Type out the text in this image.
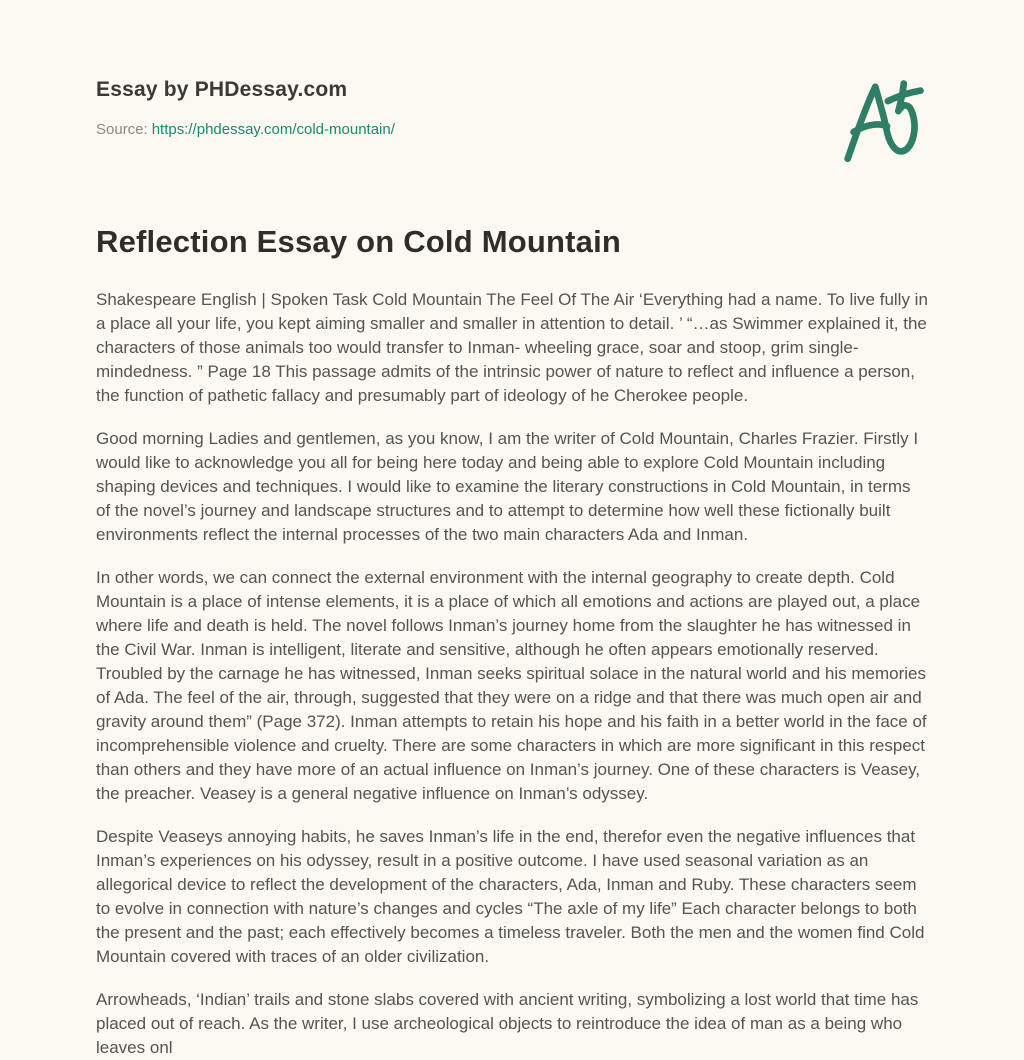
Essay by PHDessay.com

Source: https://phdessay.com/cold-mountain/

Reflection Essay on Cold Mountain

Shakespeare English | Spoken Task Cold Mountain The Feel Of The Air ‘Everything had a name. To live fully in a place all your life, you kept aiming smaller and smaller in attention to detail. ’ “…as Swimmer explained it, the characters of those animals too would transfer to Inman- wheeling grace, soar and stoop, grim single-mindedness. ” Page 18 This passage admits of the intrinsic power of nature to reflect and influence a person, the function of pathetic fallacy and presumably part of ideology of he Cherokee people.

Good morning Ladies and gentlemen, as you know, I am the writer of Cold Mountain, Charles Frazier. Firstly I would like to acknowledge you all for being here today and being able to explore Cold Mountain including shaping devices and techniques. I would like to examine the literary constructions in Cold Mountain, in terms of the novel’s journey and landscape structures and to attempt to determine how well these fictionally built environments reflect the internal processes of the two main characters Ada and Inman.

In other words, we can connect the external environment with the internal geography to create depth. Cold Mountain is a place of intense elements, it is a place of which all emotions and actions are played out, a place where life and death is held. The novel follows Inman’s journey home from the slaughter he has witnessed in the Civil War. Inman is intelligent, literate and sensitive, although he often appears emotionally reserved. Troubled by the carnage he has witnessed, Inman seeks spiritual solace in the natural world and his memories of Ada. The feel of the air, through, suggested that they were on a ridge and that there was much open air and gravity around them” (Page 372). Inman attempts to retain his hope and his faith in a better world in the face of incomprehensible violence and cruelty. There are some characters in which are more significant in this respect than others and they have more of an actual influence on Inman’s journey. One of these characters is Veasey, the preacher. Veasey is a general negative influence on Inman’s odyssey.

Despite Veaseys annoying habits, he saves Inman’s life in the end, therefor even the negative influences that Inman’s experiences on his odyssey, result in a positive outcome. I have used seasonal variation as an allegorical device to reflect the development of the characters, Ada, Inman and Ruby. These characters seem to evolve in connection with nature’s changes and cycles “The axle of my life” Each character belongs to both the present and the past; each effectively becomes a timeless traveler. Both the men and the women find Cold Mountain covered with traces of an older civilization.

Arrowheads, ‘Indian’ trails and stone slabs covered with ancient writing, symbolizing a lost world that time has placed out of reach. As the writer, I use archeological objects to reintroduce the idea of man as a being who leaves onl
